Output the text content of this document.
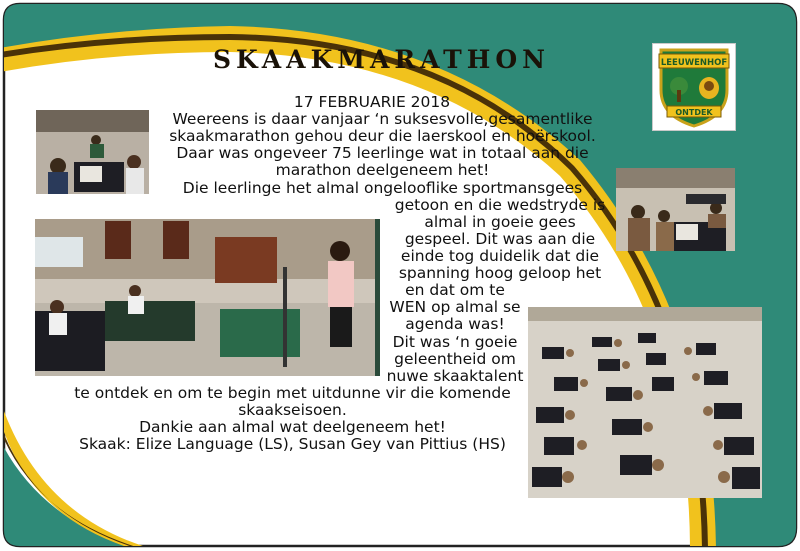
SKAAKMARATHON	LEEUWENHOF
ONTDEK

17 FEBRUARIE 2018

Weereens is daar vanjaar ‘n suksesvolle,gesamentlike

skaakmarathon gehou deur die laerskool en hoërskool.

Daar was ongeveer 75 leerlinge wat in totaal aan die

marathon deelgeneem het!

Die leerlinge het almal ongelooflike sportmansgees

getoon en die wedstryde is

almal in goeie gees

gespeel. Dit was aan die

einde tog duidelik dat die

spanning hoog geloop het

en dat om te

WEN op almal se

agenda was!

Dit was ‘n goeie

geleentheid om

nuwe skaaktalent

te ontdek en om te begin met uitdunne vir die komende

skaakseisoen.

Dankie aan almal wat deelgeneem het!

Skaak: Elize Language (LS), Susan Gey van Pittius (HS)
